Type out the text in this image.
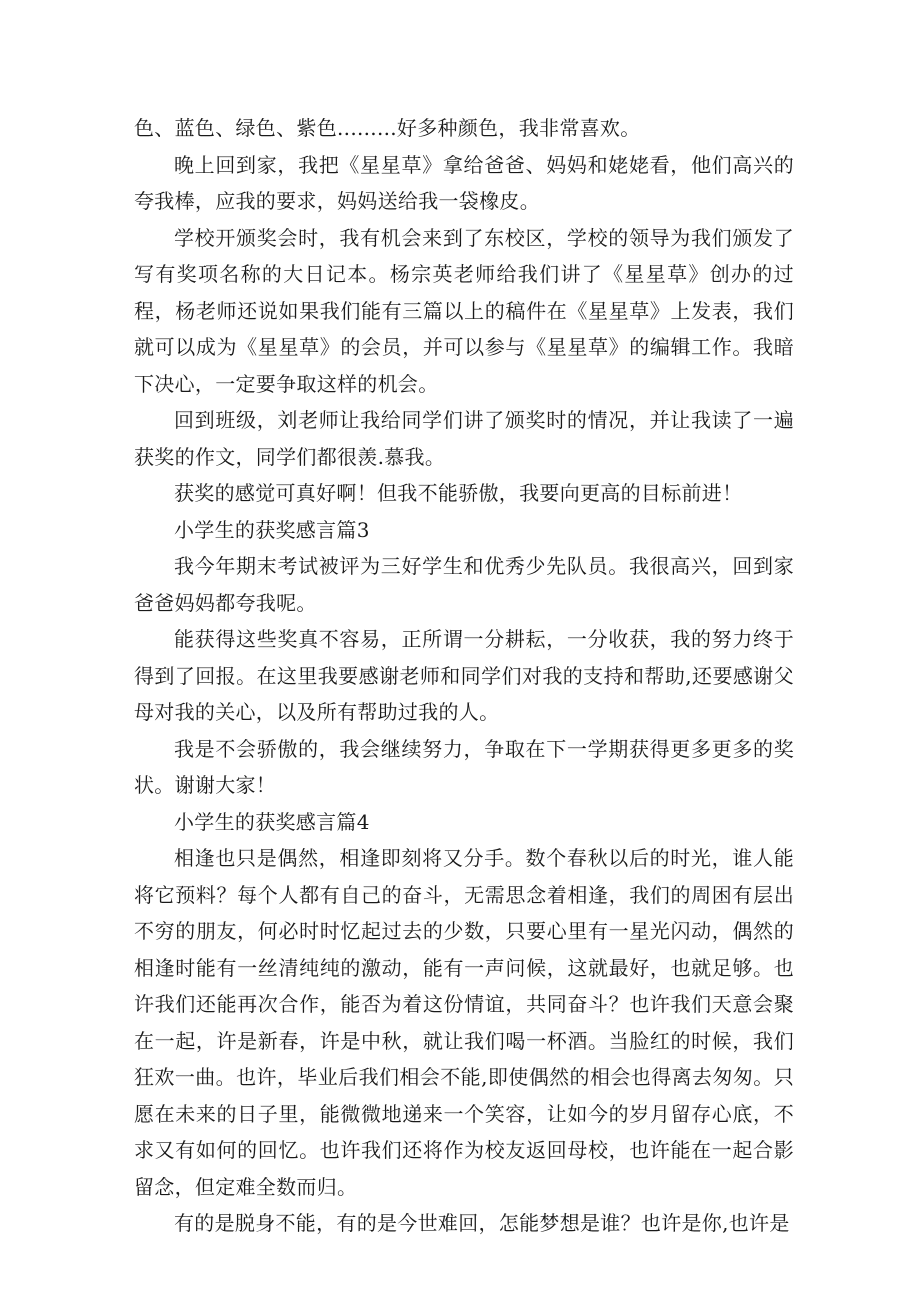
色、蓝色、绿色、紫色.........好多种颜色，我非常喜欢。

晚上回到家，我把《星星草》拿给爸爸、妈妈和姥姥看，他们高兴的夸我棒，应我的要求，妈妈送给我一袋橡皮。

学校开颁奖会时，我有机会来到了东校区，学校的领导为我们颁发了写有奖项名称的大日记本。杨宗英老师给我们讲了《星星草》创办的过程，杨老师还说如果我们能有三篇以上的稿件在《星星草》上发表，我们就可以成为《星星草》的会员，并可以参与《星星草》的编辑工作。我暗下决心，一定要争取这样的机会。

回到班级，刘老师让我给同学们讲了颁奖时的情况，并让我读了一遍获奖的作文，同学们都很羡.慕我。

获奖的感觉可真好啊！但我不能骄傲，我要向更高的目标前进！

小学生的获奖感言篇3

我今年期末考试被评为三好学生和优秀少先队员。我很高兴，回到家爸爸妈妈都夸我呢。

能获得这些奖真不容易，正所谓一分耕耘，一分收获，我的努力终于得到了回报。在这里我要感谢老师和同学们对我的支持和帮助,还要感谢父母对我的关心，以及所有帮助过我的人。

我是不会骄傲的，我会继续努力，争取在下一学期获得更多更多的奖状。谢谢大家！

小学生的获奖感言篇4

相逢也只是偶然，相逢即刻将又分手。数个春秋以后的时光，谁人能将它预料？每个人都有自己的奋斗，无需思念着相逢，我们的周困有层出不穷的朋友，何必时时忆起过去的少数，只要心里有一星光闪动，偶然的相逢时能有一丝清纯纯的激动，能有一声问候，这就最好，也就足够。也许我们还能再次合作，能否为着这份情谊，共同奋斗？也许我们天意会聚在一起，许是新春，许是中秋，就让我们喝一杯酒。当脸红的时候，我们狂欢一曲。也许，毕业后我们相会不能,即使偶然的相会也得离去匆匆。只愿在未来的日子里，能微微地递来一个笑容，让如今的岁月留存心底，不求又有如何的回忆。也许我们还将作为校友返回母校，也许能在一起合影留念，但定难全数而归。

有的是脱身不能，有的是今世难回，怎能梦想是谁？也许是你,也许是
